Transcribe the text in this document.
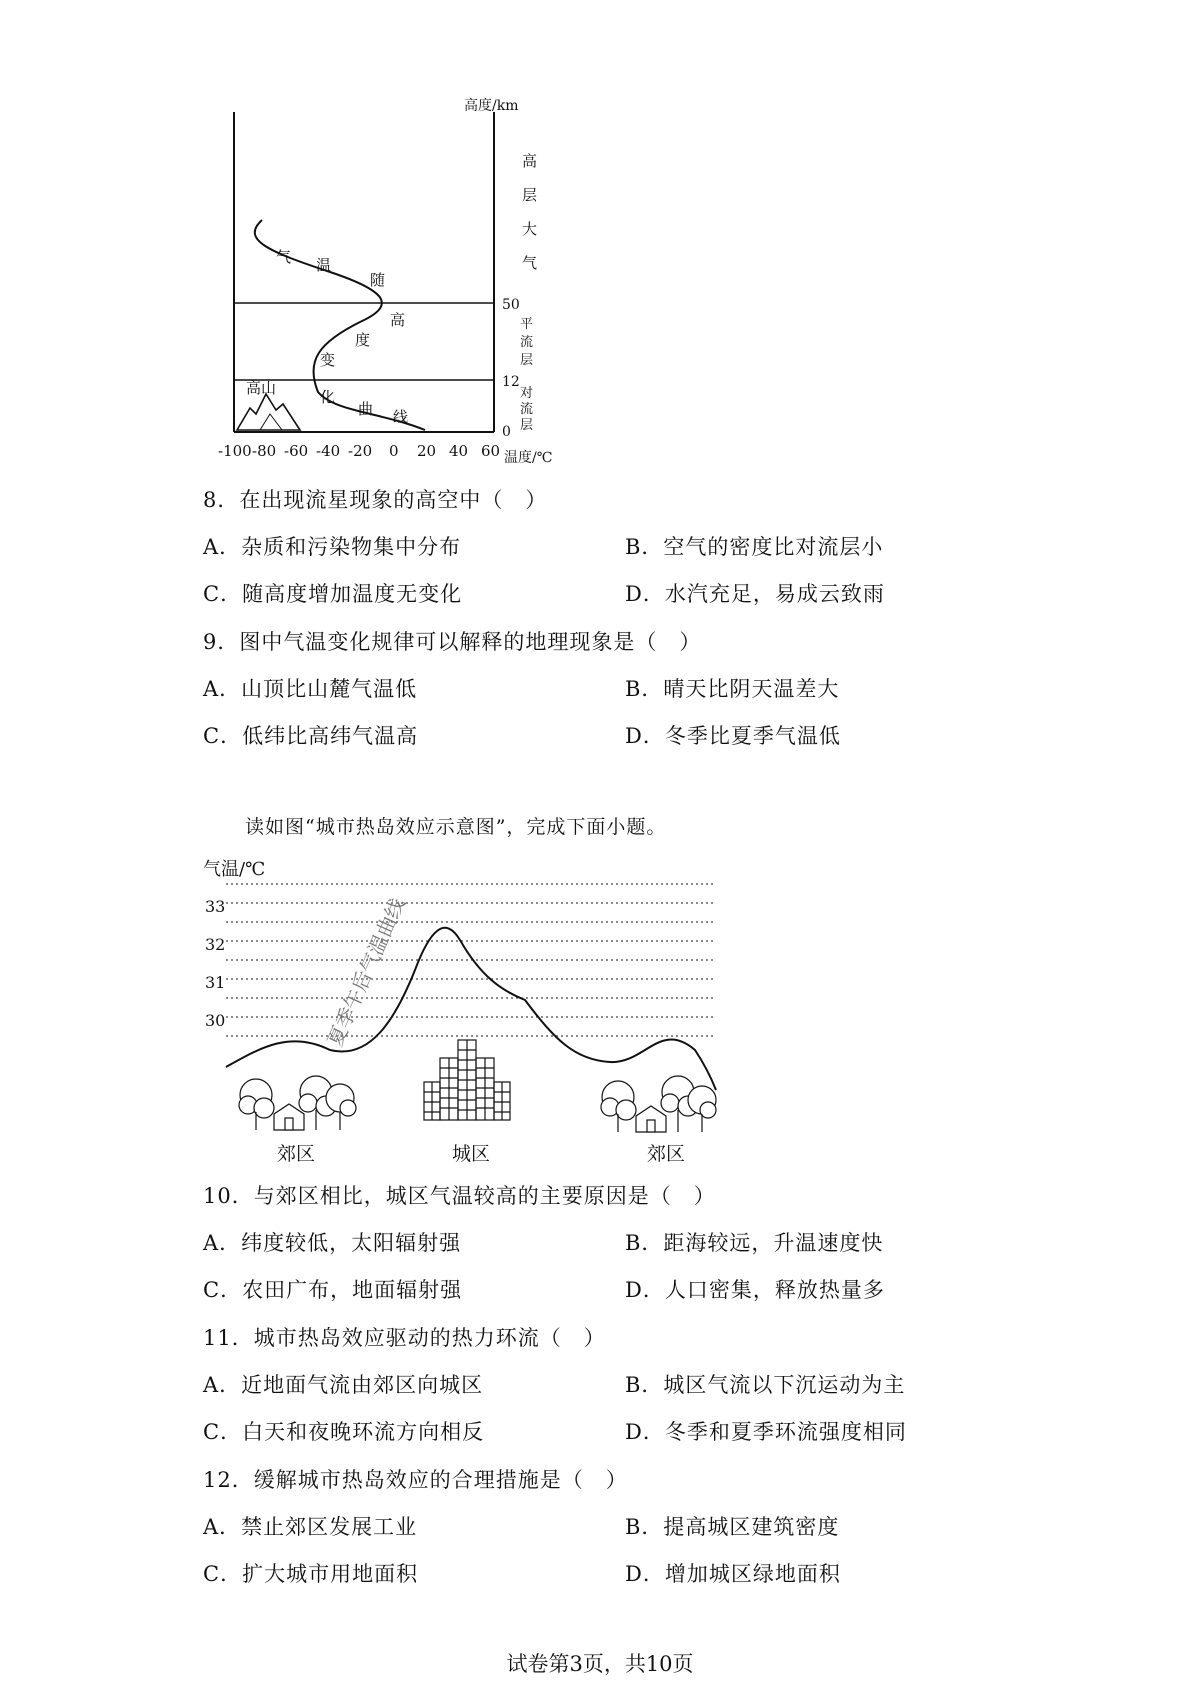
高山
气 温
随
高
度
变
化
曲 线
高度/km
50
12
0
高
层
大
气
平
流
层
对
流
层
-100 -80 -60 -40 -20 0 20 40 60 温度/℃
8．在出现流星现象的高空中（　）
A．杂质和污染物集中分布	B．空气的密度比对流层小
C．随高度增加温度无变化	D．水汽充足，易成云致雨
9．图中气温变化规律可以解释的地理现象是（　）
A．山顶比山麓气温低	B．晴天比阴天温差大
C．低纬比高纬气温高	D．冬季比夏季气温低
读如图“城市热岛效应示意图”，完成下面小题。
气温/℃
33
32
31
30	夏季午后气温曲线
郊区	城区	郊区
10．与郊区相比，城区气温较高的主要原因是（　）
A．纬度较低，太阳辐射强	B．距海较远，升温速度快
C．农田广布，地面辐射强	D．人口密集，释放热量多
11．城市热岛效应驱动的热力环流（　）
A．近地面气流由郊区向城区	B．城区气流以下沉运动为主
C．白天和夜晚环流方向相反	D．冬季和夏季环流强度相同
12．缓解城市热岛效应的合理措施是（　）
A．禁止郊区发展工业	B．提高城区建筑密度
C．扩大城市用地面积	D．增加城区绿地面积
试卷第3页，共10页
